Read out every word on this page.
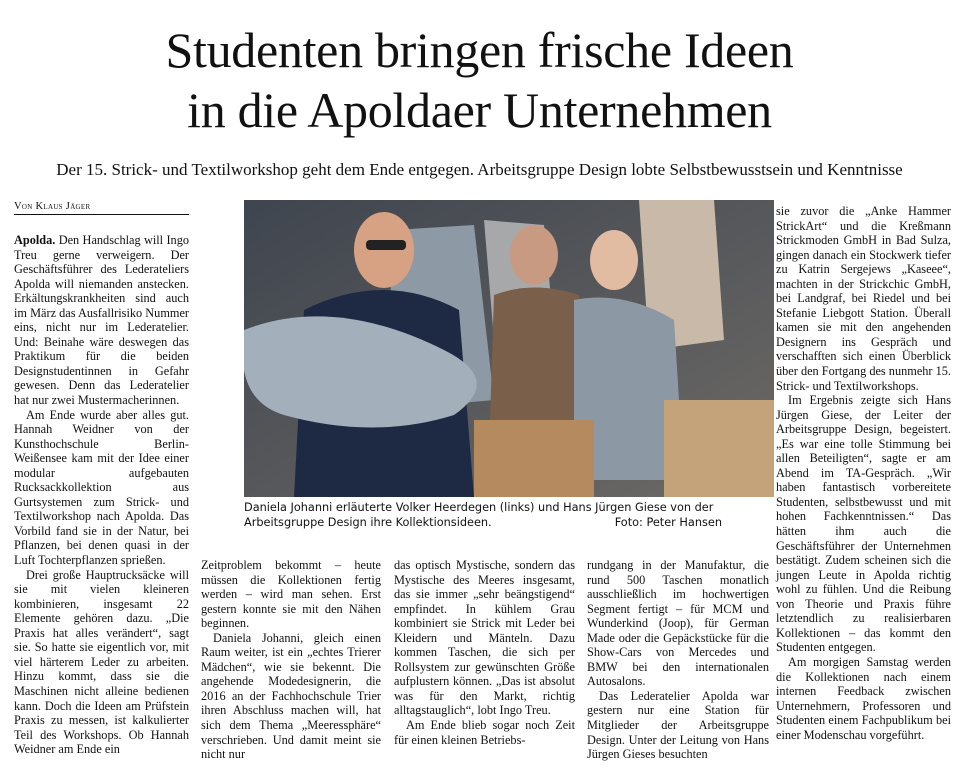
Studenten bringen frische Ideen
in die Apoldaer Unternehmen

Der 15. Strick- und Textilworkshop geht dem Ende entgegen. Arbeitsgruppe Design lobte Selbstbewusstsein und Kenntnisse

Von Klaus Jäger

Apolda. Den Handschlag will Ingo Treu gerne verweigern. Der Geschäftsführer des Lederateliers Apolda will niemanden anstecken. Erkältungskrankheiten sind auch im März das Ausfallrisiko Nummer eins, nicht nur im Lederatelier. Und: Beinahe wäre deswegen das Praktikum für die beiden Designstudentinnen in Gefahr gewesen. Denn das Lederatelier hat nur zwei Mustermacherinnen.

Am Ende wurde aber alles gut. Hannah Weidner von der Kunsthochschule Berlin-Weißensee kam mit der Idee einer modular aufgebauten Rucksackkollektion aus Gurtsystemen zum Strick- und Textilworkshop nach Apolda. Das Vorbild fand sie in der Natur, bei Pflanzen, bei denen quasi in der Luft Tochterpflanzen sprießen.

Drei große Hauptrucksäcke will sie mit vielen kleineren kombinieren, insgesamt 22 Elemente gehören dazu. „Die Praxis hat alles verändert“, sagt sie. So hatte sie eigentlich vor, mit viel härterem Leder zu arbeiten. Hinzu kommt, dass sie die Maschinen nicht alleine bedienen kann. Doch die Ideen am Prüfstein Praxis zu messen, ist kalkulierter Teil des Workshops. Ob Hannah Weidner am Ende ein

Daniela Johanni erläuterte Volker Heerdegen (links) und Hans Jürgen Giese von der Arbeitsgruppe Design ihre Kollektionsideen.	Foto: Peter Hansen

Zeitproblem bekommt – heute müssen die Kollektionen fertig werden – wird man sehen. Erst gestern konnte sie mit den Nähen beginnen.

Daniela Johanni, gleich einen Raum weiter, ist ein „echtes Trierer Mädchen“, wie sie bekennt. Die angehende Modedesignerin, die 2016 an der Fachhochschule Trier ihren Abschluss machen will, hat sich dem Thema „Meeressphäre“ verschrieben. Und damit meint sie nicht nur

das optisch Mystische, sondern das Mystische des Meeres insgesamt, das sie immer „sehr beängstigend“ empfindet. In kühlem Grau kombiniert sie Strick mit Leder bei Kleidern und Mänteln. Dazu kommen Taschen, die sich per Rollsystem zur gewünschten Größe aufplustern können. „Das ist absolut was für den Markt, richtig alltagstauglich“, lobt Ingo Treu.

Am Ende blieb sogar noch Zeit für einen kleinen Betriebs-

rundgang in der Manufaktur, die rund 500 Taschen monatlich ausschließlich im hochwertigen Segment fertigt – für MCM und Wunderkind (Joop), für German Made oder die Gepäckstücke für die Show-Cars von Mercedes und BMW bei den internationalen Autosalons.

Das Lederatelier Apolda war gestern nur eine Station für Mitglieder der Arbeitsgruppe Design. Unter der Leitung von Hans Jürgen Gieses besuchten

sie zuvor die „Anke Hammer StrickArt“ und die Kreßmann Strickmoden GmbH in Bad Sulza, gingen danach ein Stockwerk tiefer zu Katrin Sergejews „Kaseee“, machten in der Strickchic GmbH, bei Landgraf, bei Riedel und bei Stefanie Liebgott Station. Überall kamen sie mit den angehenden Designern ins Gespräch und verschafften sich einen Überblick über den Fortgang des nunmehr 15. Strick- und Textilworkshops.

Im Ergebnis zeigte sich Hans Jürgen Giese, der Leiter der Arbeitsgruppe Design, begeistert. „Es war eine tolle Stimmung bei allen Beteiligten“, sagte er am Abend im TA-Gespräch. „Wir haben fantastisch vorbereitete Studenten, selbstbewusst und mit hohen Fachkenntnissen.“ Das hätten ihm auch die Geschäftsführer der Unternehmen bestätigt. Zudem scheinen sich die jungen Leute in Apolda richtig wohl zu fühlen. Und die Reibung von Theorie und Praxis führe letztendlich zu realisierbaren Kollektionen – das kommt den Studenten entgegen.

Am morgigen Samstag werden die Kollektionen nach einem internen Feedback zwischen Unternehmern, Professoren und Studenten einem Fachpublikum bei einer Modenschau vorgeführt.
